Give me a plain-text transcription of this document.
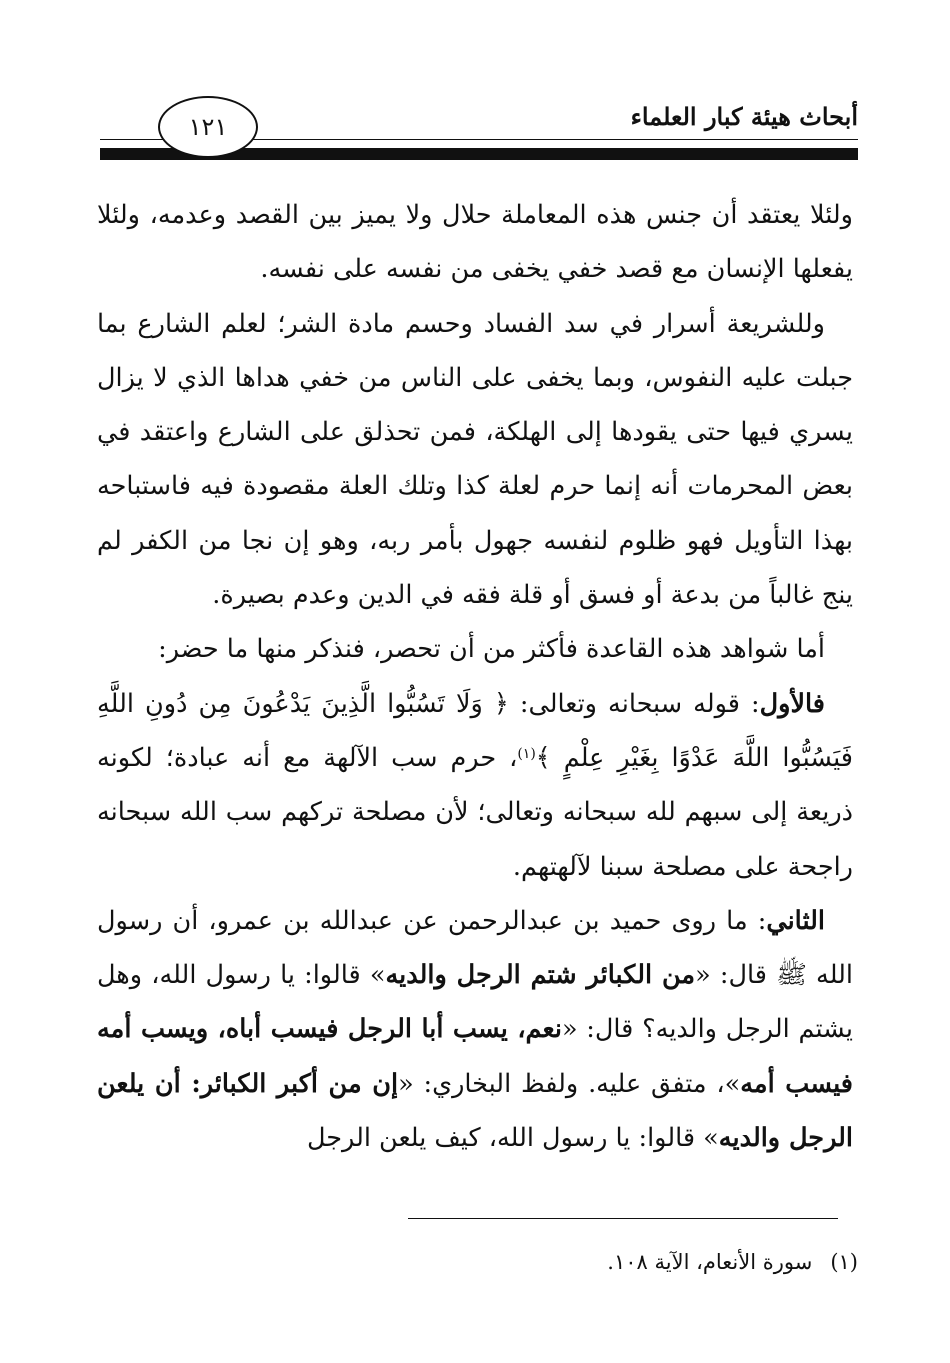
أبحاث هيئة كبار العلماء
١٢١

ولئلا يعتقد أن جنس هذه المعاملة حلال ولا يميز بين القصد وعدمه، ولئلا يفعلها الإنسان مع قصد خفي يخفى من نفسه على نفسه.

وللشريعة أسرار في سد الفساد وحسم مادة الشر؛ لعلم الشارع بما جبلت عليه النفوس، وبما يخفى على الناس من خفي هداها الذي لا يزال يسري فيها حتى يقودها إلى الهلكة، فمن تحذلق على الشارع واعتقد في بعض المحرمات أنه إنما حرم لعلة كذا وتلك العلة مقصودة فيه فاستباحه بهذا التأويل فهو ظلوم لنفسه جهول بأمر ربه، وهو إن نجا من الكفر لم ينج غالباً من بدعة أو فسق أو قلة فقه في الدين وعدم بصيرة.

أما شواهد هذه القاعدة فأكثر من أن تحصر، فنذكر منها ما حضر:

فالأول: قوله سبحانه وتعالى: ﴿ وَلَا تَسُبُّوا الَّذِينَ يَدْعُونَ مِن دُونِ اللَّهِ فَيَسُبُّوا اللَّهَ عَدْوًا بِغَيْرِ عِلْمٍ ﴾$^{(١)}$، حرم سب الآلهة مع أنه عبادة؛ لكونه ذريعة إلى سبهم لله سبحانه وتعالى؛ لأن مصلحة تركهم سب الله سبحانه راجحة على مصلحة سبنا لآلهتهم.

الثاني: ما روى حميد بن عبدالرحمن عن عبدالله بن عمرو، أن رسول الله ﷺ قال: «من الكبائر شتم الرجل والديه» قالوا: يا رسول الله، وهل يشتم الرجل والديه؟ قال: «نعم، يسب أبا الرجل فيسب أباه، ويسب أمه فيسب أمه»، متفق عليه. ولفظ البخاري: «إن من أكبر الكبائر: أن يلعن الرجل والديه» قالوا: يا رسول الله، كيف يلعن الرجل

(١)سورة الأنعام، الآية ١٠٨.
